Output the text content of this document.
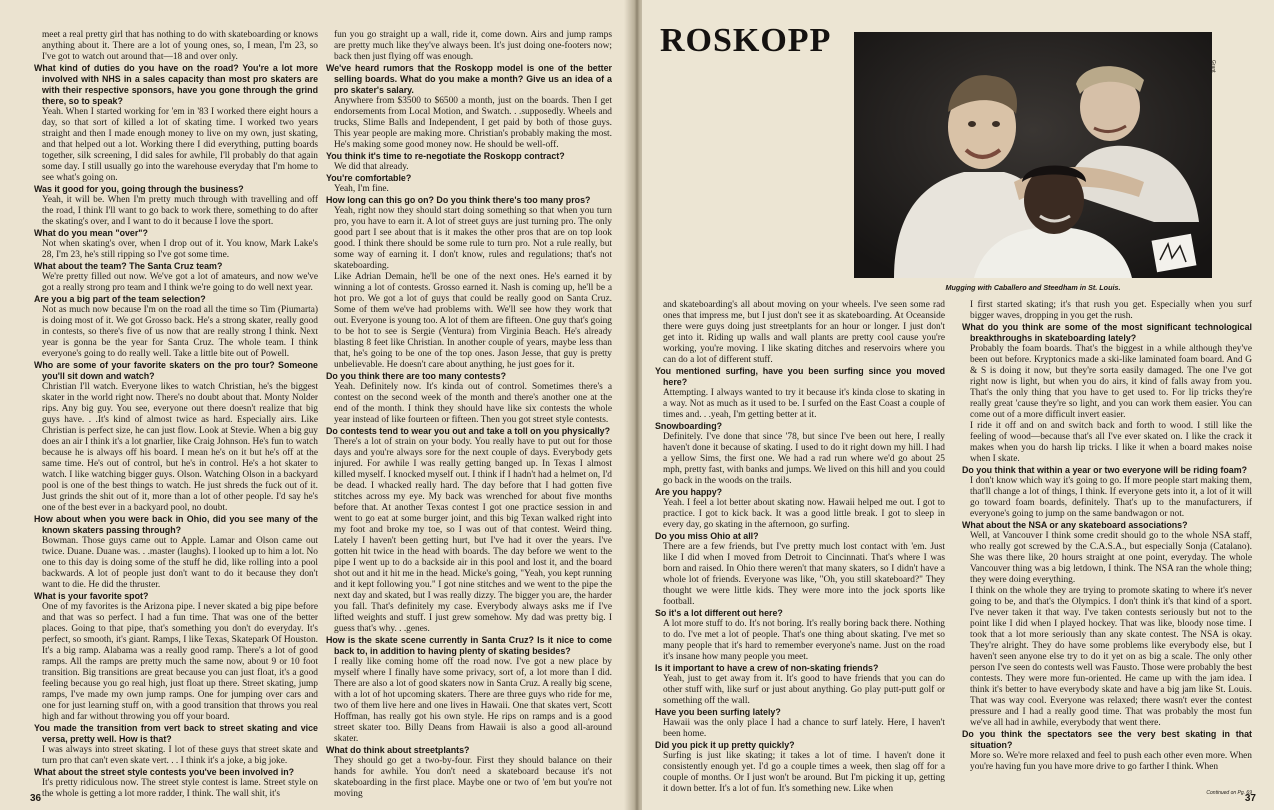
meet a real pretty girl that has nothing to do with skateboarding or knows anything about it. There are a lot of young ones, so, I mean, I'm 23, so I've got to watch out around that—18 and over only.

What kind of duties do you have on the road? You're a lot more involved with NHS in a sales capacity than most pro skaters are with their respective sponsors, have you gone through the grind there, so to speak?

Yeah. When I started working for 'em in '83 I worked there eight hours a day, so that sort of killed a lot of skating time. I worked two years straight and then I made enough money to live on my own, just skating, and that helped out a lot. Working there I did everything, putting boards together, silk screening, I did sales for awhile, I'll probably do that again some day. I still usually go into the warehouse everyday that I'm home to see what's going on.

Was it good for you, going through the business?

Yeah, it will be. When I'm pretty much through with travelling and off the road, I think I'll want to go back to work there, something to do after the skating's over, and I want to do it because I love the sport.

What do you mean "over"?

Not when skating's over, when I drop out of it. You know, Mark Lake's 28, I'm 23, he's still ripping so I've got some time.

What about the team? The Santa Cruz team?

We're pretty filled out now. We've got a lot of amateurs, and now we've got a really strong pro team and I think we're going to do well next year.

Are you a big part of the team selection?

Not as much now because I'm on the road all the time so Tim (Piumarta) is doing most of it. We got Grosso back. He's a strong skater, really good in contests, so there's five of us now that are really strong I think. Next year is gonna be the year for Santa Cruz. The whole team. I think everyone's going to do really well. Take a little bite out of Powell.

Who are some of your favorite skaters on the pro tour? Someone you'll sit down and watch?

Christian I'll watch. Everyone likes to watch Christian, he's the biggest skater in the world right now. There's no doubt about that. Monty Nolder rips. Any big guy. You see, everyone out there doesn't realize that big guys have. . .It's kind of almost twice as hard. Especially airs. Like Christian is perfect size, he can just flow. Look at Stevie. When a big guy does an air I think it's a lot gnarlier, like Craig Johnson. He's fun to watch because he is always off his board. I mean he's on it but he's off at the same time. He's out of control, but he's in control. He's a hot skater to watch. I like watching bigger guys. Olson. Watching Olson in a backyard pool is one of the best things to watch. He just shreds the fuck out of it. Just grinds the shit out of it, more than a lot of other people. I'd say he's one of the best ever in a backyard pool, no doubt.

How about when you were back in Ohio, did you see many of the known skaters passing through?

Bowman. Those guys came out to Apple. Lamar and Olson came out twice. Duane. Duane was. . .master (laughs). I looked up to him a lot. No one to this day is doing some of the stuff he did, like rolling into a pool backwards. A lot of people just don't want to do it because they don't want to die. He did the thruster.

What is your favorite spot?

One of my favorites is the Arizona pipe. I never skated a big pipe before and that was so perfect. I had a fun time. That was one of the better places. Going to that pipe, that's something you don't do everyday. It's perfect, so smooth, it's giant. Ramps, I like Texas, Skatepark Of Houston. It's a big ramp. Alabama was a really good ramp. There's a lot of good ramps. All the ramps are pretty much the same now, about 9 or 10 foot transition. Big transitions are great because you can just float, it's a good feeling because you go real high, just float up there. Street skating, jump ramps, I've made my own jump ramps. One for jumping over cars and one for just learning stuff on, with a good transition that throws you real high and far without throwing you off your board.

You made the transition from vert back to street skating and vice versa, pretty well. How is that?

I was always into street skating. I lot of these guys that street skate and turn pro that can't even skate vert. . . I think it's a joke, a big joke.

What about the street style contests you've been involved in?

It's pretty ridiculous now. The street style contest is lame. Street style on the whole is getting a lot more radder, I think. The wall shit, it's

fun you go straight up a wall, ride it, come down. Airs and jump ramps are pretty much like they've always been. It's just doing one-footers now; back then just flying off was enough.

We've heard rumors that the Roskopp model is one of the better selling boards. What do you make a month? Give us an idea of a pro skater's salary.

Anywhere from $3500 to $6500 a month, just on the boards. Then I get endorsements from Local Motion, and Swatch. . .supposedly. Wheels and trucks, Slime Balls and Independent, I get paid by both of those guys. This year people are making more. Christian's probably making the most. He's making some good money now. He should be well-off.

You think it's time to re-negotiate the Roskopp contract?

We did that already.

You're comfortable?

Yeah, I'm fine.

How long can this go on? Do you think there's too many pros?

Yeah, right now they should start doing something so that when you turn pro, you have to earn it. A lot of street guys are just turning pro. The only good part I see about that is it makes the other pros that are on top look good. I think there should be some rule to turn pro. Not a rule really, but some way of earning it. I don't know, rules and regulations; that's not skateboarding.

Like Adrian Demain, he'll be one of the next ones. He's earned it by winning a lot of contests. Grosso earned it. Nash is coming up, he'll be a hot pro. We got a lot of guys that could be really good on Santa Cruz. Some of them we've had problems with. We'll see how they work that out. Everyone is young too. A lot of them are fifteen. One guy that's going to be hot to see is Sergie (Ventura) from Virginia Beach. He's already blasting 8 feet like Christian. In another couple of years, maybe less than that, he's going to be one of the top ones. Jason Jesse, that guy is pretty unbelievable. He doesn't care about anything, he just goes for it.

Do you think there are too many contests?

Yeah. Definitely now. It's kinda out of control. Sometimes there's a contest on the second week of the month and there's another one at the end of the month. I think they should have like six contests the whole year instead of like fourteen or fifteen. Then you got street style contests.

Do contests tend to wear you out and take a toll on you physically?

There's a lot of strain on your body. You really have to put out for those days and you're always sore for the next couple of days. Everybody gets injured. For awhile I was really getting banged up. In Texas I almost killed myself. I knocked myself out. I think if I hadn't had a helmet on, I'd be dead. I whacked really hard. The day before that I had gotten five stitches across my eye. My back was wrenched for about five months before that. At another Texas contest I got one practice session in and went to go eat at some burger joint, and this big Texan walked right into my foot and broke my toe, so I was out of that contest. Weird thing. Lately I haven't been getting hurt, but I've had it over the years. I've gotten hit twice in the head with boards. The day before we went to the pipe I went up to do a backside air in this pool and lost it, and the board shot out and it hit me in the head. Micke's going, "Yeah, you kept running and it kept following you." I got nine stitches and we went to the pipe the next day and skated, but I was really dizzy. The bigger you are, the harder you fall. That's definitely my case. Everybody always asks me if I've lifted weights and stuff. I just grew somehow. My dad was pretty big. I guess that's why. . .genes.

How is the skate scene currently in Santa Cruz? Is it nice to come back to, in addition to having plenty of skating besides?

I really like coming home off the road now. I've got a new place by myself where I finally have some privacy, sort of, a lot more than I did. There are also a lot of good skaters now in Santa Cruz. A really big scene, with a lot of hot upcoming skaters. There are three guys who ride for me, two of them live here and one lives in Hawaii. One that skates vert, Scott Hoffman, has really got his own style. He rips on ramps and is a good street skater too. Billy Deans from Hawaii is also a good all-around skater.

What do think about streetplants?

They should go get a two-by-four. First they should balance on their hands for awhile. You don't need a skateboard because it's not skateboarding in the first place. Maybe one or two of 'em but you're not moving

36
ROSKOPP
Grant
Mugging with Caballero and Steedham in St. Louis.

and skateboarding's all about moving on your wheels. I've seen some rad ones that impress me, but I just don't see it as skateboarding. At Oceanside there were guys doing just streetplants for an hour or longer. I just don't get into it. Riding up walls and wall plants are pretty cool cause you're working, you're moving. I like skating ditches and reservoirs where you can do a lot of different stuff.

You mentioned surfing, have you been surfing since you moved here?

Attempting. I always wanted to try it because it's kinda close to skating in a way. Not as much as it used to be. I surfed on the East Coast a couple of times and. . .yeah, I'm getting better at it.

Snowboarding?

Definitely. I've done that since '78, but since I've been out here, I really haven't done it because of skating. I used to do it right down my hill. I had a yellow Sims, the first one. We had a rad run where we'd go about 25 mph, pretty fast, with banks and jumps. We lived on this hill and you could go back in the woods on the trails.

Are you happy?

Yeah. I feel a lot better about skating now. Hawaii helped me out. I got to practice. I got to kick back. It was a good little break. I got to sleep in every day, go skating in the afternoon, go surfing.

Do you miss Ohio at all?

There are a few friends, but I've pretty much lost contact with 'em. Just like I did when I moved from Detroit to Cincinnati. That's where I was born and raised. In Ohio there weren't that many skaters, so I didn't have a whole lot of friends. Everyone was like, "Oh, you still skateboard?" They thought we were little kids. They were more into the jock sports like football.

So it's a lot different out here?

A lot more stuff to do. It's not boring. It's really boring back there. Nothing to do. I've met a lot of people. That's one thing about skating. I've met so many people that it's hard to remember everyone's name. Just on the road it's insane how many people you meet.

Is it important to have a crew of non-skating friends?

Yeah, just to get away from it. It's good to have friends that you can do other stuff with, like surf or just about anything. Go play putt-putt golf or something off the wall.

Have you been surfing lately?

Hawaii was the only place I had a chance to surf lately. Here, I haven't been home.

Did you pick it up pretty quickly?

Surfing is just like skating; it takes a lot of time. I haven't done it consistently enough yet. I'd go a couple times a week, then slag off for a couple of months. Or I just won't be around. But I'm picking it up, getting it down better. It's a lot of fun. It's something new. Like when

I first started skating; it's that rush you get. Especially when you surf bigger waves, dropping in you get the rush.

What do you think are some of the most significant technological breakthroughs in skateboarding lately?

Probably the foam boards. That's the biggest in a while although they've been out before. Kryptonics made a ski-like laminated foam board. And G & S is doing it now, but they're sorta easily damaged. The one I've got right now is light, but when you do airs, it kind of falls away from you. That's the only thing that you have to get used to. For lip tricks they're really great 'cause they're so light, and you can work them easier. You can come out of a more difficult invert easier.

I ride it off and on and switch back and forth to wood. I still like the feeling of wood—because that's all I've ever skated on. I like the crack it makes when you do harsh lip tricks. I like it when a board makes noise when I skate.

Do you think that within a year or two everyone will be riding foam?

I don't know which way it's going to go. If more people start making them, that'll change a lot of things, I think. If everyone gets into it, a lot of it will go toward foam boards, definitely. That's up to the manufacturers, if everyone's going to jump on the same bandwagon or not.

What about the NSA or any skateboard associations?

Well, at Vancouver I think some credit should go to the whole NSA staff, who really got screwed by the C.A.S.A., but especially Sonja (Catalano). She was there like, 20 hours straight at one point, everyday. The whole Vancouver thing was a big letdown, I think. The NSA ran the whole thing; they were doing everything.

I think on the whole they are trying to promote skating to where it's never going to be, and that's the Olympics. I don't think it's that kind of a sport. I've never taken it that way. I've taken contests seriously but not to the point like I did when I played hockey. That was like, bloody nose time. I took that a lot more seriously than any skate contest. The NSA is okay. They're alright. They do have some problems like everybody else, but I haven't seen anyone else try to do it yet on as big a scale. The only other person I've seen do contests well was Fausto. Those were probably the best contests. They were more fun-oriented. He came up with the jam idea. I think it's better to have everybody skate and have a big jam like St. Louis. That was way cool. Everyone was relaxed; there wasn't ever the contest pressure and I had a really good time. That was probably the most fun we've all had in awhile, everybody that went there.

Do you think the spectators see the very best skating in that situation?

More so. We're more relaxed and feel to push each other even more. When you're having fun you have more drive to go farther I think. When

Continued on Pg. 69
37
